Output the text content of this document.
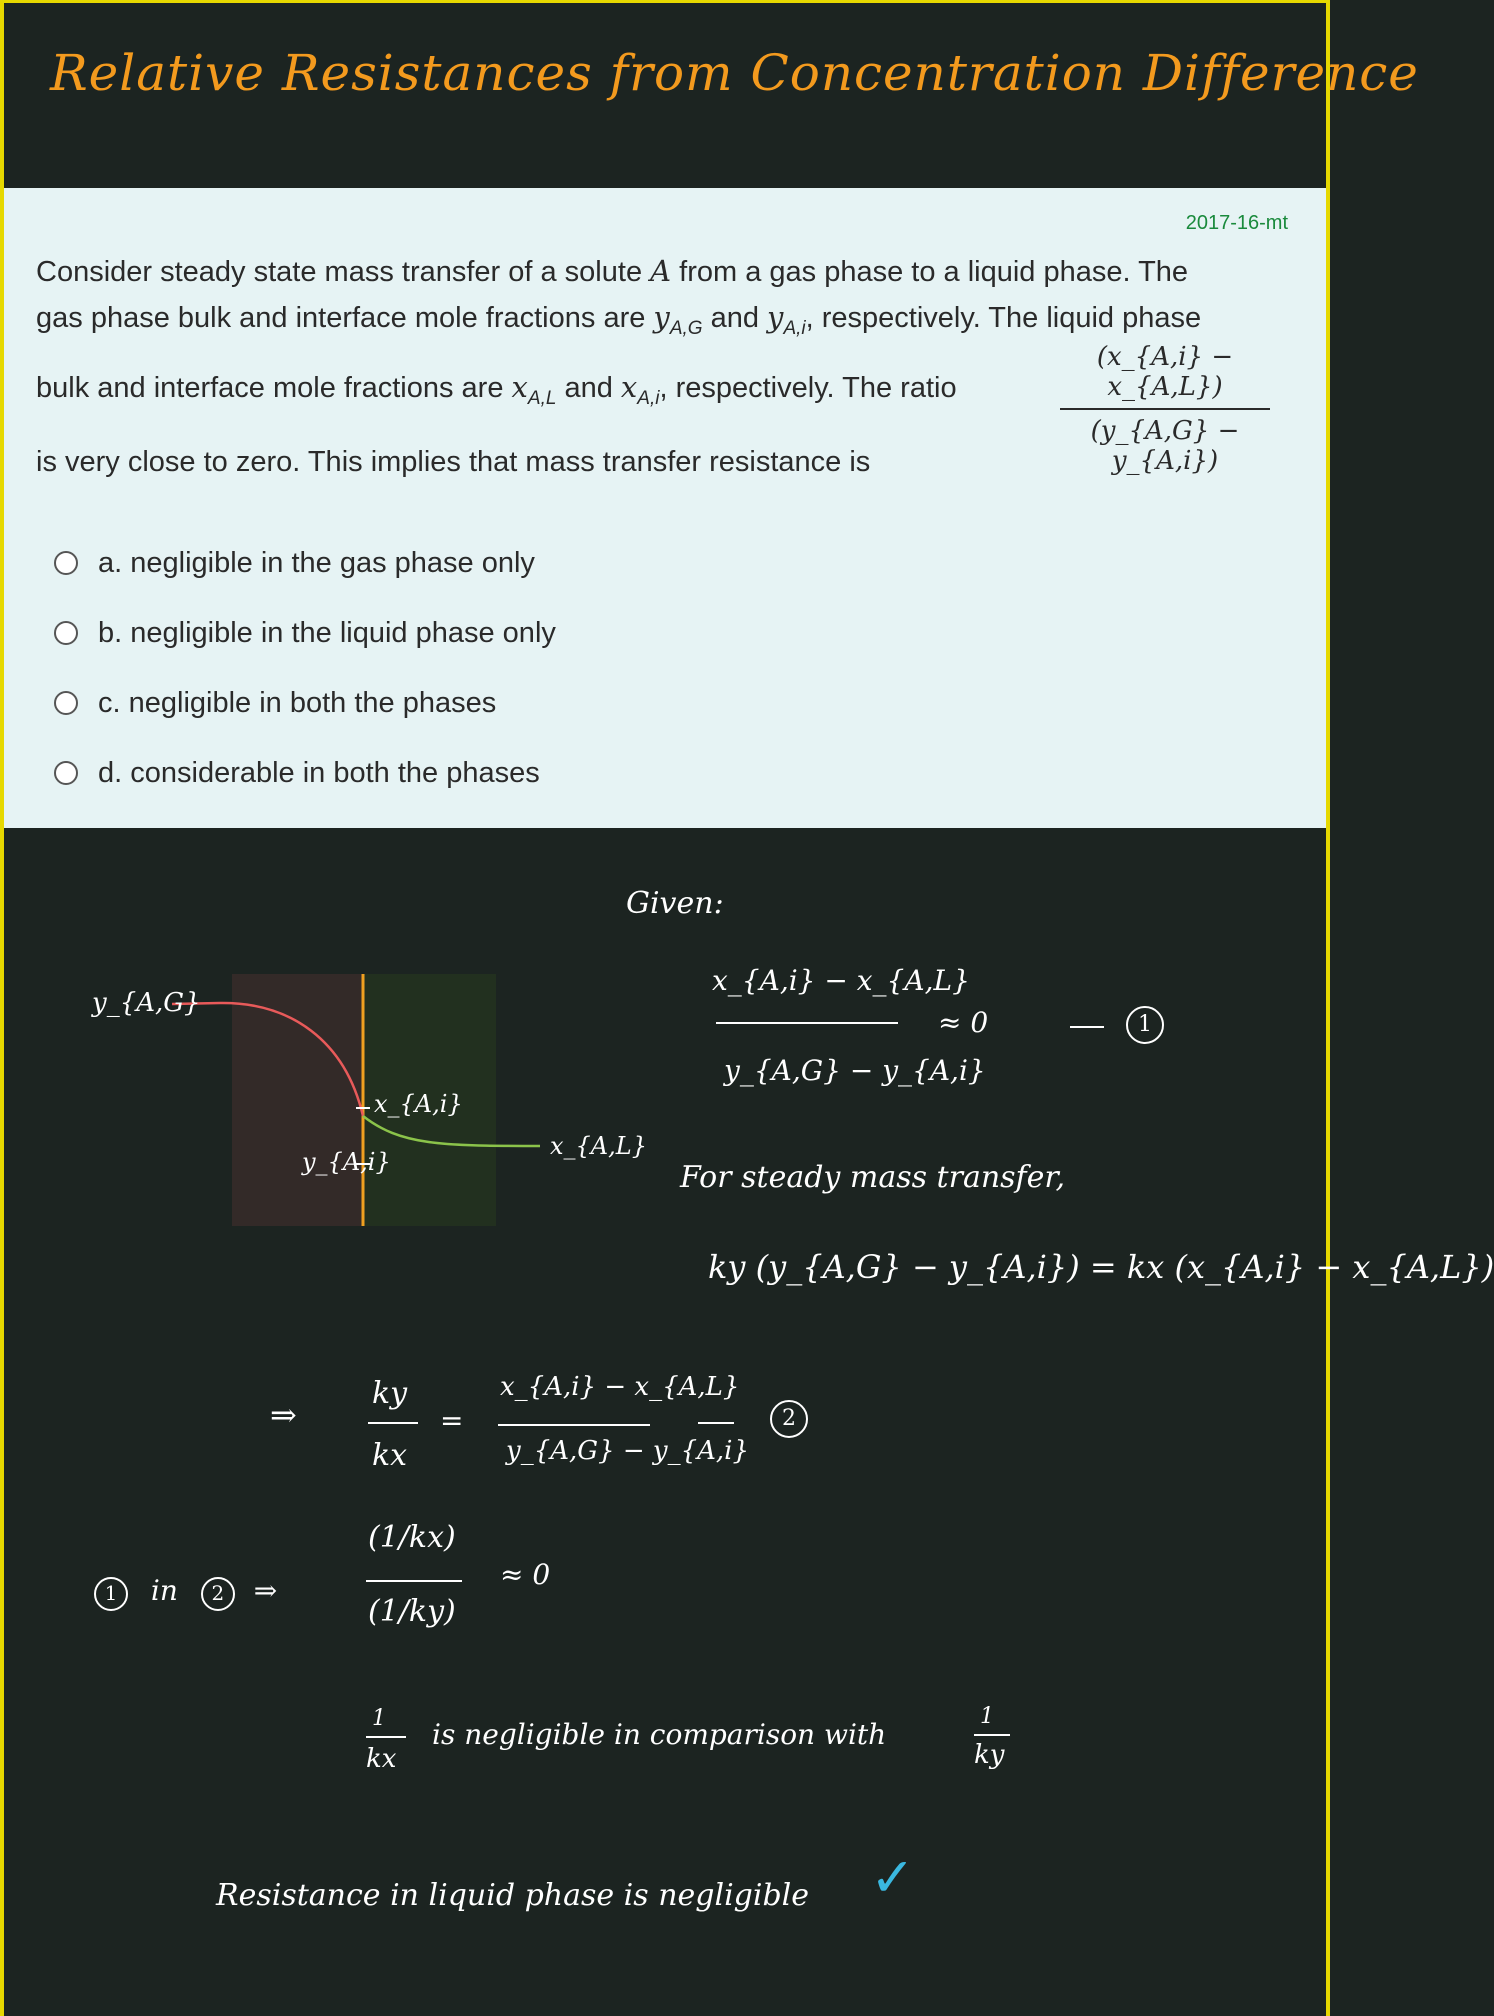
Relative Resistances from Concentration Difference
2017-16-mt
Consider steady state mass transfer of a solute A from a gas phase to a liquid phase. The
gas phase bulk and interface mole fractions are $y_{A,G}$ and $y_{A,i}$, respectively. The liquid phase
bulk and interface mole fractions are $x_{A,L}$ and $x_{A,i}$, respectively. The ratio
(x_{A,i} − x_{A,L})
(y_{A,G} − y_{A,i})
is very close to zero. This implies that mass transfer resistance is
a. negligible in the gas phase only
b. negligible in the liquid phase only
c. negligible in both the phases
d. considerable in both the phases
Given:
y_{A,G}
y_{A,i}
x_{A,i}
x_{A,L}
x_{A,i} − x_{A,L}
y_{A,G} − y_{A,i}
≈ 0	1
For steady mass transfer,
ky (y_{A,G} − y_{A,i}) = kx (x_{A,i} − x_{A,L})
⇒
ky
kx
=
x_{A,i} − x_{A,L}
y_{A,G} − y_{A,i}
2
1 in 2 ⇒
(1/kx)
(1/ky)
≈ 0
1
kx
is negligible in comparison with
1
ky
Resistance in liquid phase is negligible ✓
